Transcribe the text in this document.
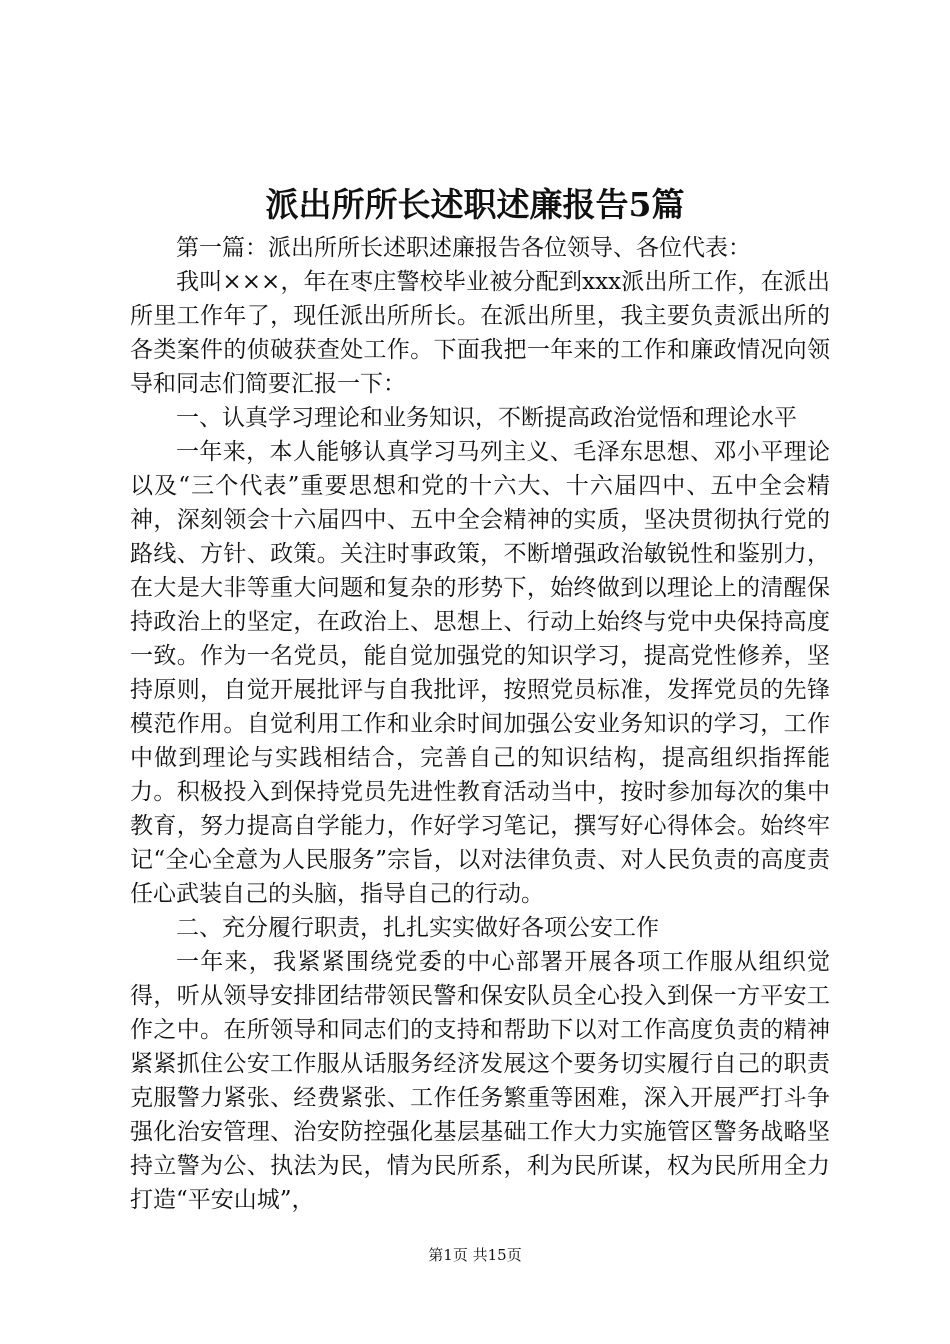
派出所所长述职述廉报告5篇

第一篇：派出所所长述职述廉报告各位领导、各位代表：

我叫×××，年在枣庄警校毕业被分配到xxx派出所工作，在派出所里工作年了，现任派出所所长。在派出所里，我主要负责派出所的各类案件的侦破获查处工作。下面我把一年来的工作和廉政情况向领导和同志们简要汇报一下：

一、认真学习理论和业务知识，不断提高政治觉悟和理论水平

一年来，本人能够认真学习马列主义、毛泽东思想、邓小平理论以及“三个代表”重要思想和党的十六大、十六届四中、五中全会精神，深刻领会十六届四中、五中全会精神的实质，坚决贯彻执行党的路线、方针、政策。关注时事政策，不断增强政治敏锐性和鉴别力，在大是大非等重大问题和复杂的形势下，始终做到以理论上的清醒保持政治上的坚定，在政治上、思想上、行动上始终与党中央保持高度一致。作为一名党员，能自觉加强党的知识学习，提高党性修养，坚持原则，自觉开展批评与自我批评，按照党员标准，发挥党员的先锋模范作用。自觉利用工作和业余时间加强公安业务知识的学习，工作中做到理论与实践相结合，完善自己的知识结构，提高组织指挥能力。积极投入到保持党员先进性教育活动当中，按时参加每次的集中教育，努力提高自学能力，作好学习笔记，撰写好心得体会。始终牢记“全心全意为人民服务”宗旨，以对法律负责、对人民负责的高度责任心武装自己的头脑，指导自己的行动。

二、充分履行职责，扎扎实实做好各项公安工作

一年来，我紧紧围绕党委的中心部署开展各项工作服从组织觉得，听从领导安排团结带领民警和保安队员全心投入到保一方平安工作之中。在所领导和同志们的支持和帮助下以对工作高度负责的精神紧紧抓住公安工作服从话服务经济发展这个要务切实履行自己的职责克服警力紧张、经费紧张、工作任务繁重等困难，深入开展严打斗争强化治安管理、治安防控强化基层基础工作大力实施管区警务战略坚持立警为公、执法为民，情为民所系，利为民所谋，权为民所用全力打造“平安山城”，

第1页 共15页
